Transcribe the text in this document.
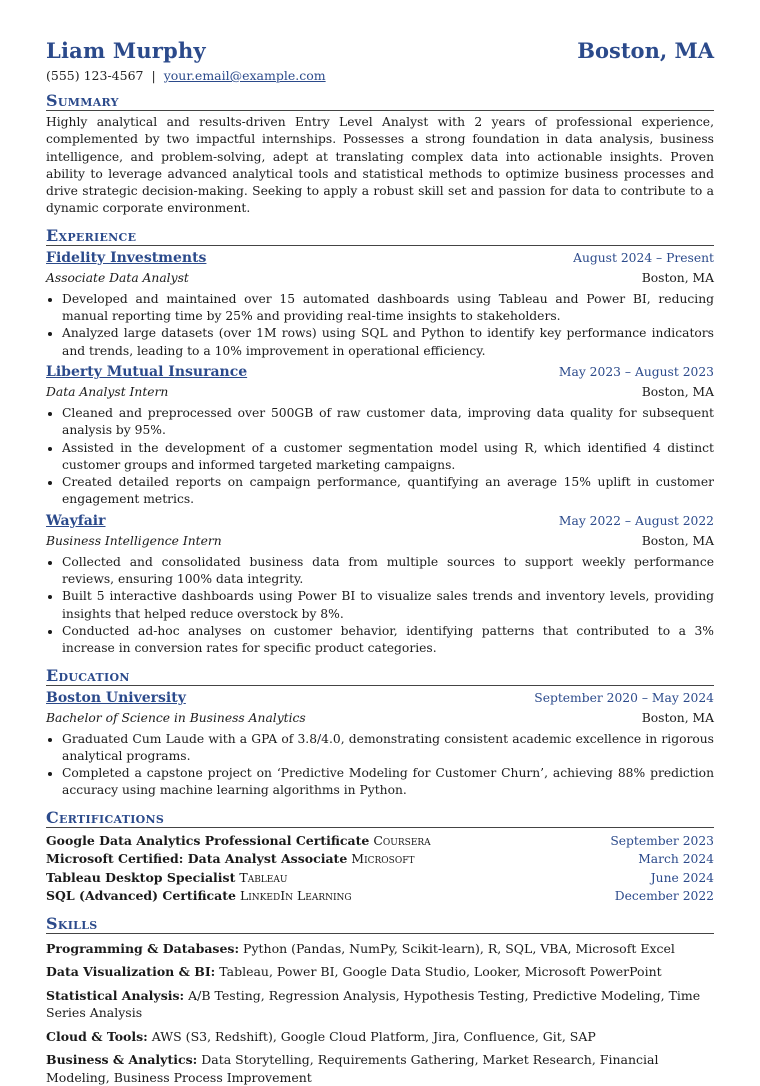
Liam Murphy	Boston, MA
(555) 123-4567 | your.email@example.com
Summary
Highly analytical and results-driven Entry Level Analyst with 2 years of professional experience, complemented by two impactful internships. Possesses a strong foundation in data analysis, business intelligence, and problem-solving, adept at translating complex data into actionable insights. Proven ability to leverage advanced analytical tools and statistical methods to optimize business processes and drive strategic decision-making. Seeking to apply a robust skill set and passion for data to contribute to a dynamic corporate environment.
Experience
Fidelity Investments	August 2024 – Present
Associate Data Analyst	Boston, MA
• Developed and maintained over 15 automated dashboards using Tableau and Power BI, reducing manual reporting time by 25% and providing real-time insights to stakeholders.
• Analyzed large datasets (over 1M rows) using SQL and Python to identify key performance indicators and trends, leading to a 10% improvement in operational efficiency.
Liberty Mutual Insurance	May 2023 – August 2023
Data Analyst Intern	Boston, MA
• Cleaned and preprocessed over 500GB of raw customer data, improving data quality for subsequent analysis by 95%.
• Assisted in the development of a customer segmentation model using R, which identified 4 distinct customer groups and informed targeted marketing campaigns.
• Created detailed reports on campaign performance, quantifying an average 15% uplift in customer engagement metrics.
Wayfair	May 2022 – August 2022
Business Intelligence Intern	Boston, MA
• Collected and consolidated business data from multiple sources to support weekly performance reviews, ensuring 100% data integrity.
• Built 5 interactive dashboards using Power BI to visualize sales trends and inventory levels, providing insights that helped reduce overstock by 8%.
• Conducted ad-hoc analyses on customer behavior, identifying patterns that contributed to a 3% increase in conversion rates for specific product categories.
Education
Boston University	September 2020 – May 2024
Bachelor of Science in Business Analytics	Boston, MA
• Graduated Cum Laude with a GPA of 3.8/4.0, demonstrating consistent academic excellence in rigorous analytical programs.
• Completed a capstone project on ‘Predictive Modeling for Customer Churn’, achieving 88% prediction accuracy using machine learning algorithms in Python.
Certifications
Google Data Analytics Professional Certificate Coursera	September 2023
Microsoft Certified: Data Analyst Associate Microsoft	March 2024
Tableau Desktop Specialist Tableau	June 2024
SQL (Advanced) Certificate LinkedIn Learning	December 2022
Skills
Programming & Databases: Python (Pandas, NumPy, Scikit-learn), R, SQL, VBA, Microsoft Excel
Data Visualization & BI: Tableau, Power BI, Google Data Studio, Looker, Microsoft PowerPoint
Statistical Analysis: A/B Testing, Regression Analysis, Hypothesis Testing, Predictive Modeling, Time Series Analysis
Cloud & Tools: AWS (S3, Redshift), Google Cloud Platform, Jira, Confluence, Git, SAP
Business & Analytics: Data Storytelling, Requirements Gathering, Market Research, Financial Modeling, Business Process Improvement
